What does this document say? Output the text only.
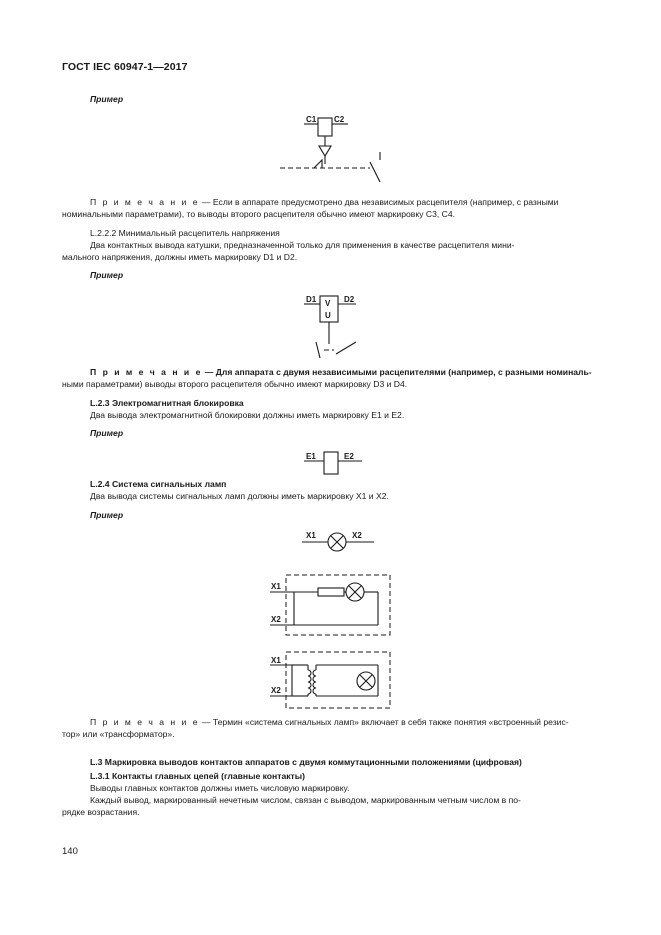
ГОСТ IEC 60947-1—2017
Пример
C1 C2
П р и м е ч а н и е — Если в аппарате предусмотрено два независимых расцепителя (например, с разными
номинальными параметрами), то выводы второго расцепителя обычно имеют маркировку C3, C4.
L.2.2.2 Минимальный расцепитель напряжения
Два контактных вывода катушки, предназначенной только для применения в качестве расцепителя мини-
мального напряжения, должны иметь маркировку D1 и D2.
Пример
D1	D2
V
U
П р и м е ч а н и е — Для аппарата с двумя независимыми расцепителями (например, с разными номиналь-
ными параметрами) выводы второго расцепителя обычно имеют маркировку D3 и D4.
L.2.3 Электромагнитная блокировка
Два вывода электромагнитной блокировки должны иметь маркировку E1 и E2.
Пример
E1	E2
L.2.4 Система сигнальных ламп
Два вывода системы сигнальных ламп должны иметь маркировку X1 и X2.
Пример
X1	X2
X1
X2
X1
X2
П р и м е ч а н и е — Термин «система сигнальных ламп» включает в себя также понятия «встроенный резис-
тор» или «трансформатор».
L.3 Маркировка выводов контактов аппаратов с двумя коммутационными положениями (цифровая)
L.3.1 Контакты главных цепей (главные контакты)
Выводы главных контактов должны иметь числовую маркировку.
Каждый вывод, маркированный нечетным числом, связан с выводом, маркированным четным числом в по-
рядке возрастания.
140
